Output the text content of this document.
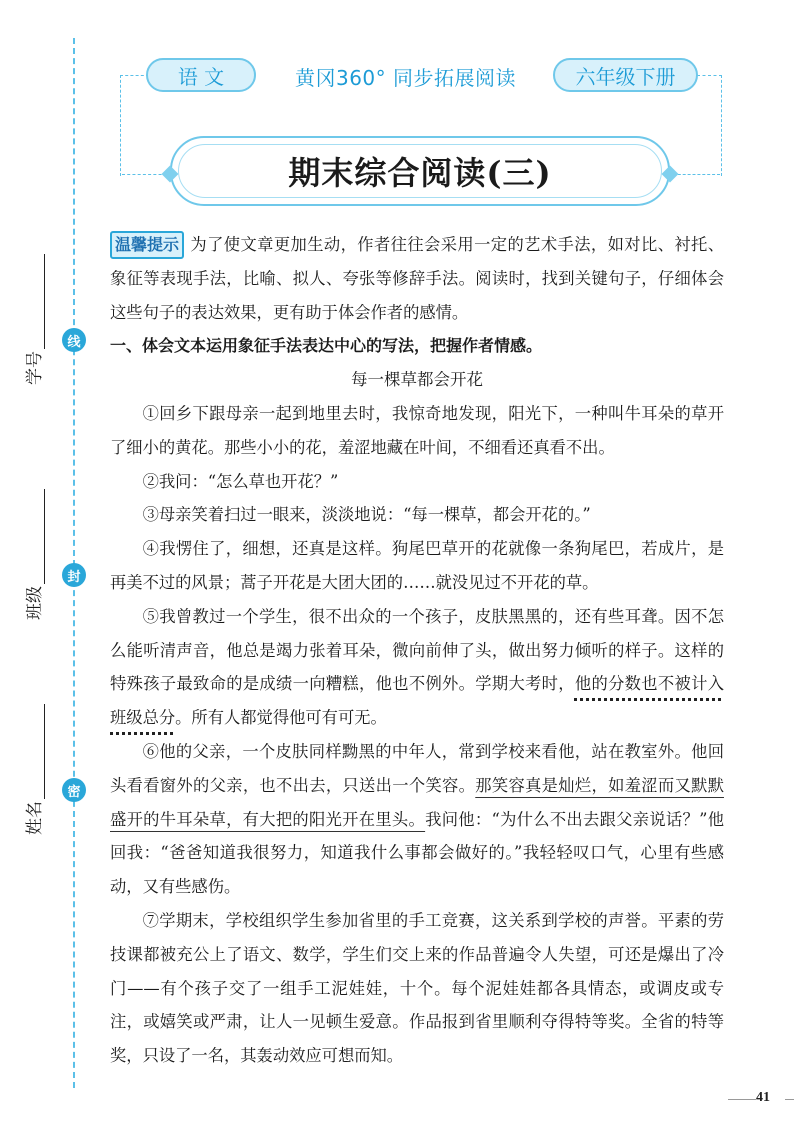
线
封
密
学号
班级
姓名
语 文	黄冈360° 同步拓展阅读	六年级下册
期末综合阅读(三)

温馨提示 为了使文章更加生动，作者往往会采用一定的艺术手法，如对比、衬托、象征等表现手法，比喻、拟人、夸张等修辞手法。阅读时，找到关键句子，仔细体会这些句子的表达效果，更有助于体会作者的感情。

一、体会文本运用象征手法表达中心的写法，把握作者情感。

每一棵草都会开花

①回乡下跟母亲一起到地里去时，我惊奇地发现，阳光下，一种叫牛耳朵的草开了细小的黄花。那些小小的花，羞涩地藏在叶间，不细看还真看不出。

②我问：“怎么草也开花？”

③母亲笑着扫过一眼来，淡淡地说：“每一棵草，都会开花的。”

④我愣住了，细想，还真是这样。狗尾巴草开的花就像一条狗尾巴，若成片，是再美不过的风景；蒿子开花是大团大团的……就没见过不开花的草。

⑤我曾教过一个学生，很不出众的一个孩子，皮肤黑黑的，还有些耳聋。因不怎么能听清声音，他总是竭力张着耳朵，微向前伸了头，做出努力倾听的样子。这样的特殊孩子最致命的是成绩一向糟糕，他也不例外。学期大考时，他的分数也不被计入班级总分。所有人都觉得他可有可无。

⑥他的父亲，一个皮肤同样黝黑的中年人，常到学校来看他，站在教室外。他回头看看窗外的父亲，也不出去，只送出一个笑容。那笑容真是灿烂，如羞涩而又默默盛开的牛耳朵草，有大把的阳光开在里头。我问他：“为什么不出去跟父亲说话？”他回我：“爸爸知道我很努力，知道我什么事都会做好的。”我轻轻叹口气，心里有些感动，又有些感伤。

⑦学期末，学校组织学生参加省里的手工竞赛，这关系到学校的声誉。平素的劳技课都被充公上了语文、数学，学生们交上来的作品普遍令人失望，可还是爆出了冷门——有个孩子交了一组手工泥娃娃，十个。每个泥娃娃都各具情态，或调皮或专注，或嬉笑或严肃，让人一见顿生爱意。作品报到省里顺利夺得特等奖。全省的特等奖，只设了一名，其轰动效应可想而知。

41
